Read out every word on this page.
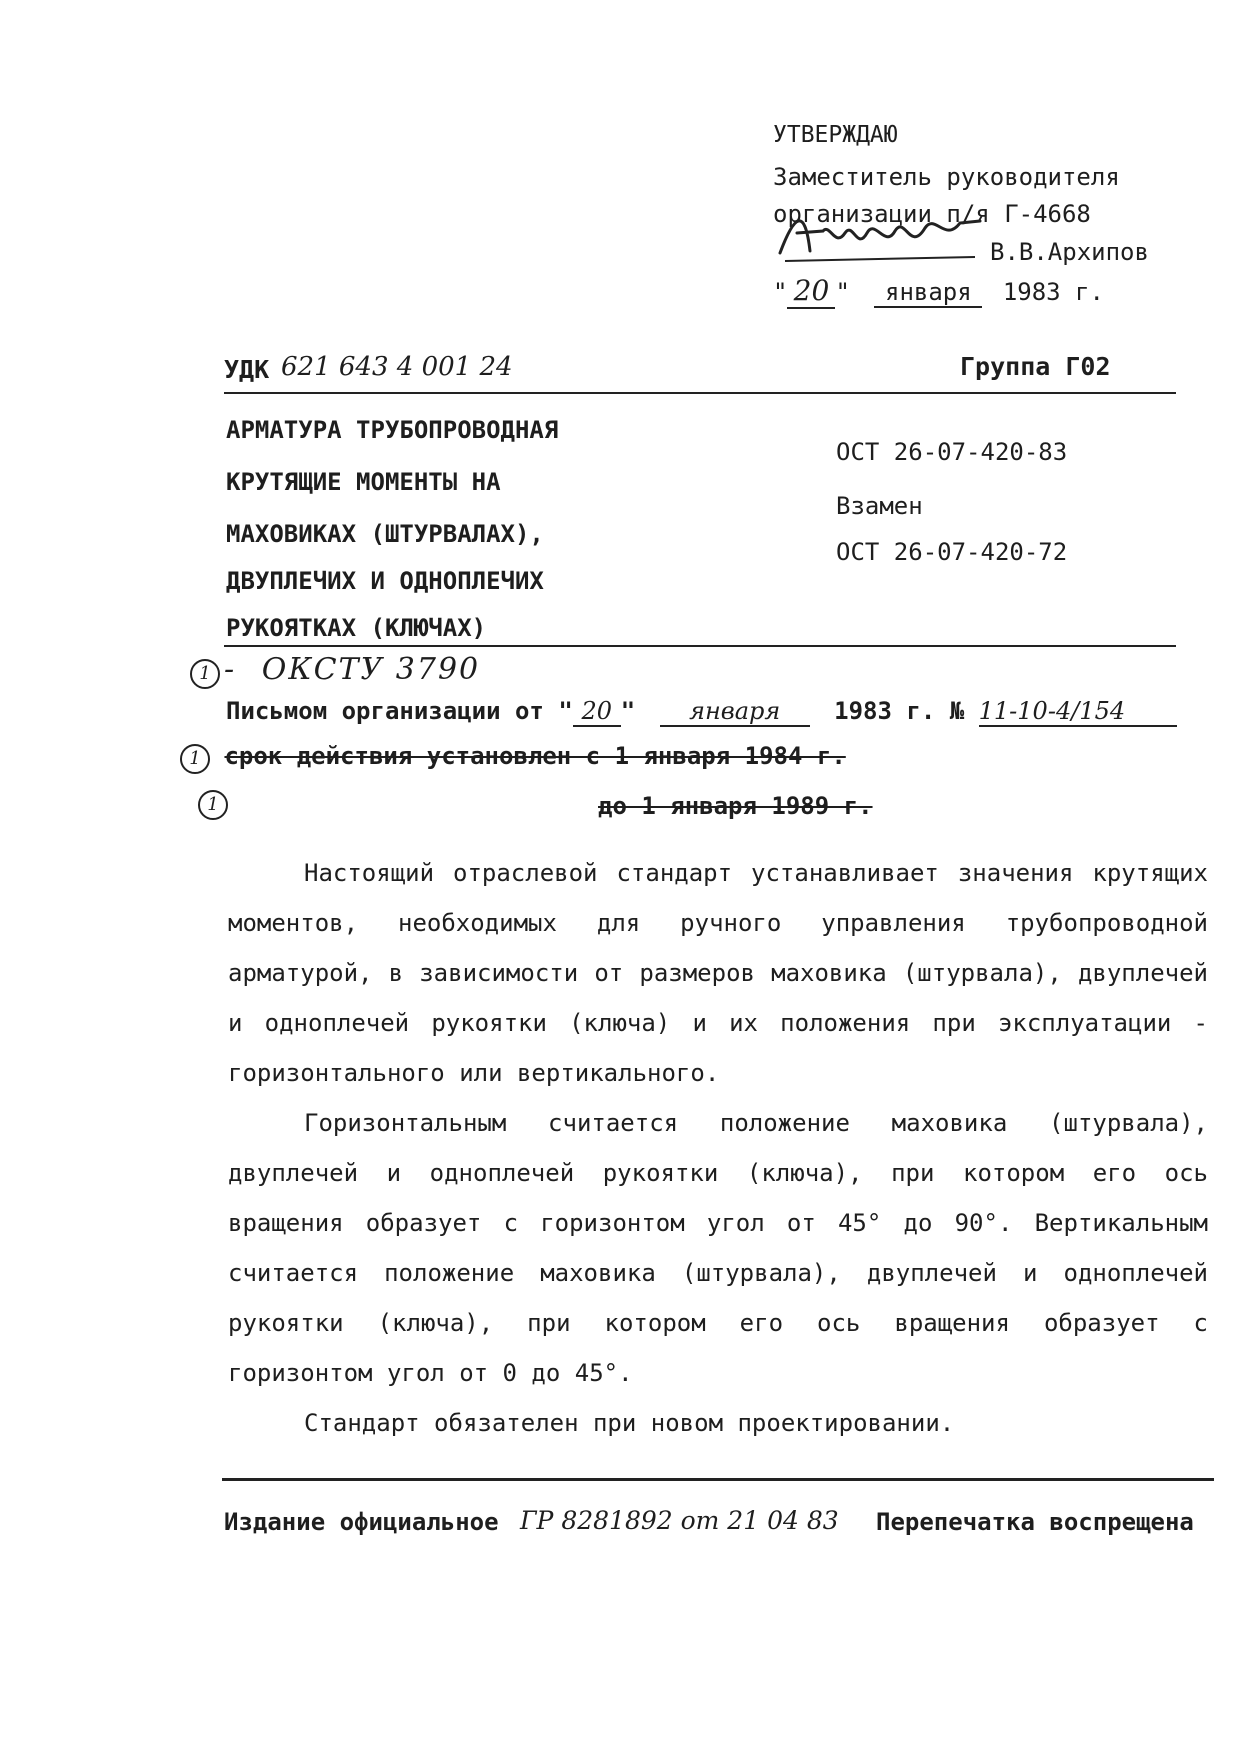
УТВЕРЖДАЮ
Заместитель руководителя
организации п/я Г-4668
В.В.Архипов
" 20 " января 1983 г.
УДК 621 643 4 001 24	Группа Г02
АРМАТУРА ТРУБОПРОВОДНАЯ
КРУТЯЩИЕ МОМЕНТЫ НА
МАХОВИКАХ (ШТУРВАЛАХ),
ДВУПЛЕЧИХ И ОДНОПЛЕЧИХ
РУКОЯТКАХ (КЛЮЧАХ)
ОСТ 26-07-420-83
Взамен
ОСТ 26-07-420-72
1 - ОКСТУ 3790
Письмом организации от " 20 " января 1983 г. № 11-10-4/154
1 срок действия установлен с 1 января 1984 г.
1	до 1 января 1989 г.

Настоящий отраслевой стандарт устанавливает значения крутящих моментов, необходимых для ручного управления трубопроводной арматурой, в зависимости от размеров маховика (штурвала), двуплечей и одноплечей рукоятки (ключа) и их положения при эксплуатации - горизонтального или вертикального.

Горизонтальным считается положение маховика (штурвала), двуплечей и одноплечей рукоятки (ключа), при котором его ось вращения образует с горизонтом угол от 45° до 90°. Вертикальным считается положение маховика (штурвала), двуплечей и одноплечей рукоятки (ключа), при котором его ось вращения образует с горизонтом угол от 0 до 45°.

Стандарт обязателен при новом проектировании.

Издание официальное ГР 8281892 от 21 04 83 Перепечатка воспрещена
